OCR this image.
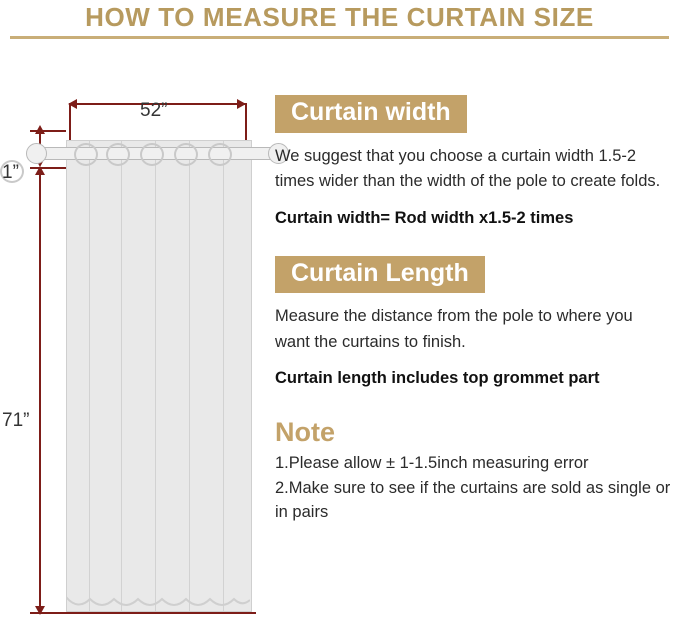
HOW TO MEASURE THE CURTAIN SIZE
52”
1”
71”
Curtain width

We suggest that you choose a curtain width 1.5-2 times wider than the width of the pole to create folds.

Curtain width= Rod width x1.5-2 times

Curtain Length

Measure the distance from the pole to where you want the curtains to finish.

Curtain length includes top grommet part

Note
1.Please allow ± 1-1.5inch measuring error
2.Make sure to see if the curtains are sold as single or in pairs
